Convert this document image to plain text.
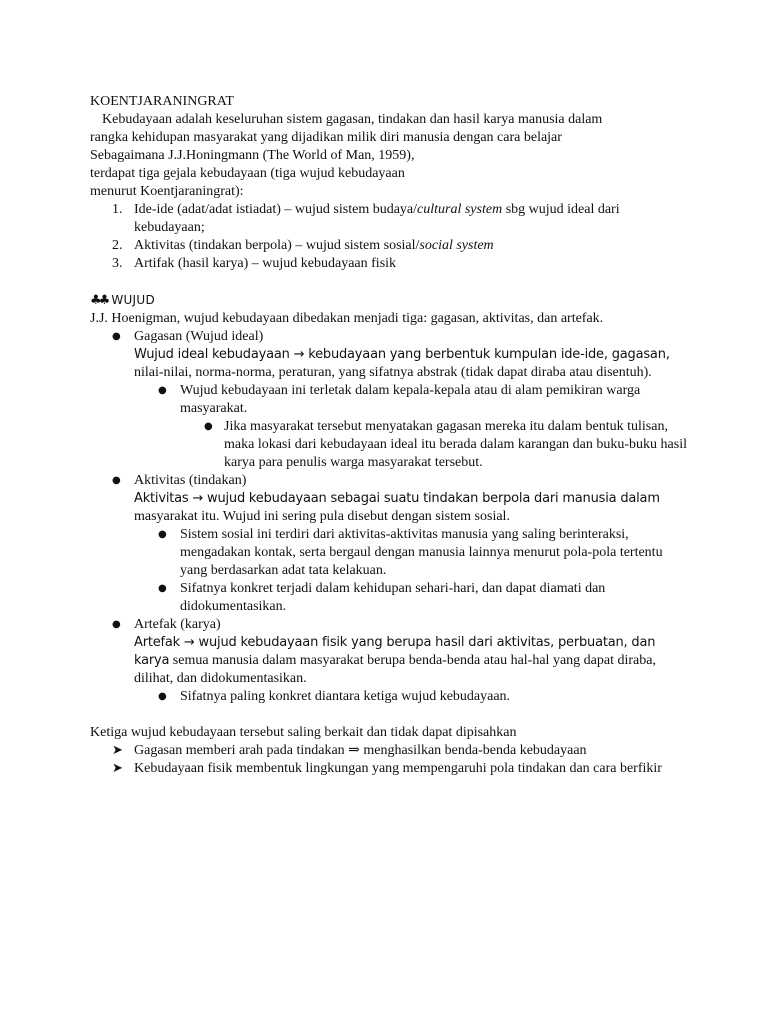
KOENTJARANINGRAT

Kebudayaan adalah keseluruhan sistem gagasan, tindakan dan hasil karya manusia dalam

rangka kehidupan masyarakat yang dijadikan milik diri manusia dengan cara belajar

Sebagaimana J.J.Honingmann (The World of Man, 1959),

terdapat tiga gejala kebudayaan (tiga wujud kebudayaan

menurut Koentjaraningrat):

1. Ide-ide (adat/adat istiadat) – wujud sistem budaya/cultural system sbg wujud ideal dari
kebudayaan;
2. Aktivitas (tindakan berpola) – wujud sistem sosial/social system
3. Artifak (hasil karya) – wujud kebudayaan fisik

♣♣ WUJUD

J.J. Hoenigman, wujud kebudayaan dibedakan menjadi tiga: gagasan, aktivitas, dan artefak.

● Gagasan (Wujud ideal)
Wujud ideal kebudayaan → kebudayaan yang berbentuk kumpulan ide-ide, gagasan, nilai-nilai, norma-norma, peraturan, yang sifatnya abstrak (tidak dapat diraba atau disentuh).
● Wujud kebudayaan ini terletak dalam kepala-kepala atau di alam pemikiran warga masyarakat.
● Jika masyarakat tersebut menyatakan gagasan mereka itu dalam bentuk tulisan, maka lokasi dari kebudayaan ideal itu berada dalam karangan dan buku-buku hasil karya para penulis warga masyarakat tersebut.
● Aktivitas (tindakan)
Aktivitas → wujud kebudayaan sebagai suatu tindakan berpola dari manusia dalam masyarakat itu. Wujud ini sering pula disebut dengan sistem sosial.
● Sistem sosial ini terdiri dari aktivitas-aktivitas manusia yang saling berinteraksi, mengadakan kontak, serta bergaul dengan manusia lainnya menurut pola-pola tertentu yang berdasarkan adat tata kelakuan.
● Sifatnya konkret terjadi dalam kehidupan sehari-hari, dan dapat diamati dan didokumentasikan.
● Artefak (karya)
Artefak → wujud kebudayaan fisik yang berupa hasil dari aktivitas, perbuatan, dan karya semua manusia dalam masyarakat berupa benda-benda atau hal-hal yang dapat diraba, dilihat, dan didokumentasikan.
● Sifatnya paling konkret diantara ketiga wujud kebudayaan.

Ketiga wujud kebudayaan tersebut saling berkait dan tidak dapat dipisahkan

➤ Gagasan memberi arah pada tindakan ⇒ menghasilkan benda-benda kebudayaan
➤ Kebudayaan fisik membentuk lingkungan yang mempengaruhi pola tindakan dan cara berfikir
